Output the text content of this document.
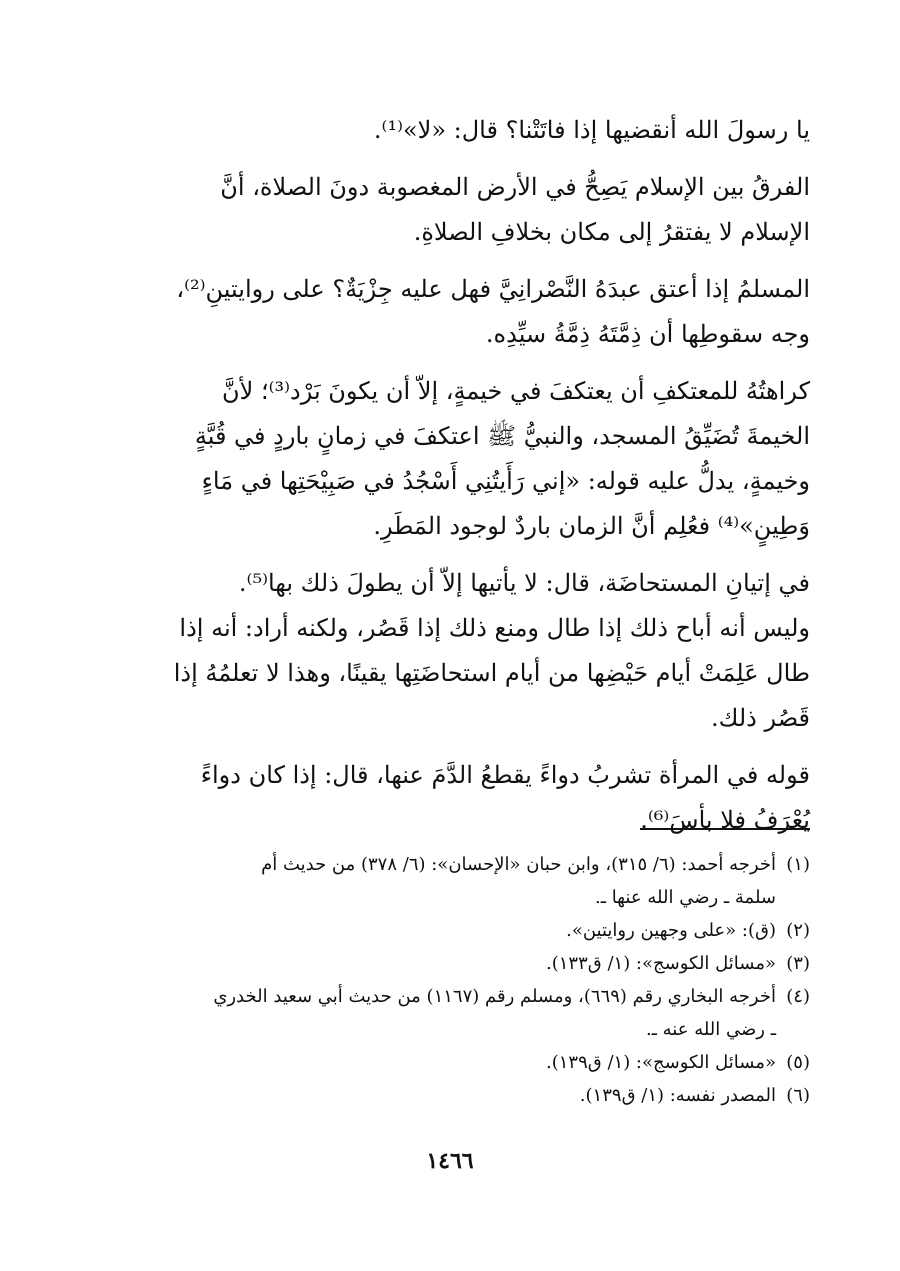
يا رسولَ الله أنقضيها إذا فاتَتْنا؟ قال: «لا»⁽¹⁾.
الفرقُ بين الإسلام يَصِحُّ في الأرض المغصوبة دونَ الصلاة، أنَّ
الإسلام لا يفتقرُ إلى مكان بخلافِ الصلاةِ.
المسلمُ إذا أعتق عبدَهُ النَّصْرانِيَّ فهل عليه جِزْيَةٌ؟ على روايتينِ⁽²⁾،
وجه سقوطِها أن ذِمَّتَهُ ذِمَّةُ سيِّدِه.
كراهتُهُ للمعتكفِ أن يعتكفَ في خيمةٍ، إلاّ أن يكونَ بَرْد⁽³⁾؛ لأنَّ
الخيمةَ تُضَيِّقُ المسجد، والنبيُّ ﷺ اعتكفَ في زمانٍ باردٍ في قُبَّةٍ
وخيمةٍ، يدلُّ عليه قوله: «إني رَأَيتُنِي أَسْجُدُ في صَبِيْحَتِها في مَاءٍ
وَطِينٍ»⁽⁴⁾ فعُلِم أنَّ الزمان باردٌ لوجود المَطَرِ.
في إتيانِ المستحاضَة، قال: لا يأتيها إلاّ أن يطولَ ذلك بها⁽⁵⁾.
وليس أنه أباح ذلك إذا طال ومنع ذلك إذا قَصُر، ولكنه أراد: أنه إذا
طال عَلِمَتْ أيام حَيْضِها من أيام استحاضَتِها يقينًا، وهذا لا تعلمُهُ إذا
قَصُر ذلك.
قوله في المرأة تشربُ دواءً يقطعُ الدَّمَ عنها، قال: إذا كان دواءً
يُعْرَفُ فلا بأسَ⁽⁶⁾.
(١)
أخرجه أحمد: (٦/ ٣١٥)، وابن حبان «الإحسان»: (٦/ ٣٧٨) من حديث أم
سلمة ـ رضي الله عنها ـ.
(٢)
(ق): «على وجهين روايتين».
(٣)
«مسائل الكوسج»: (١/ ق١٣٣).
(٤)
أخرجه البخاري رقم (٦٦٩)، ومسلم رقم (١١٦٧) من حديث أبي سعيد الخدري
ـ رضي الله عنه ـ.
(٥)
«مسائل الكوسج»: (١/ ق١٣٩).
(٦)
المصدر نفسه: (١/ ق١٣٩).
١٤٦٦
